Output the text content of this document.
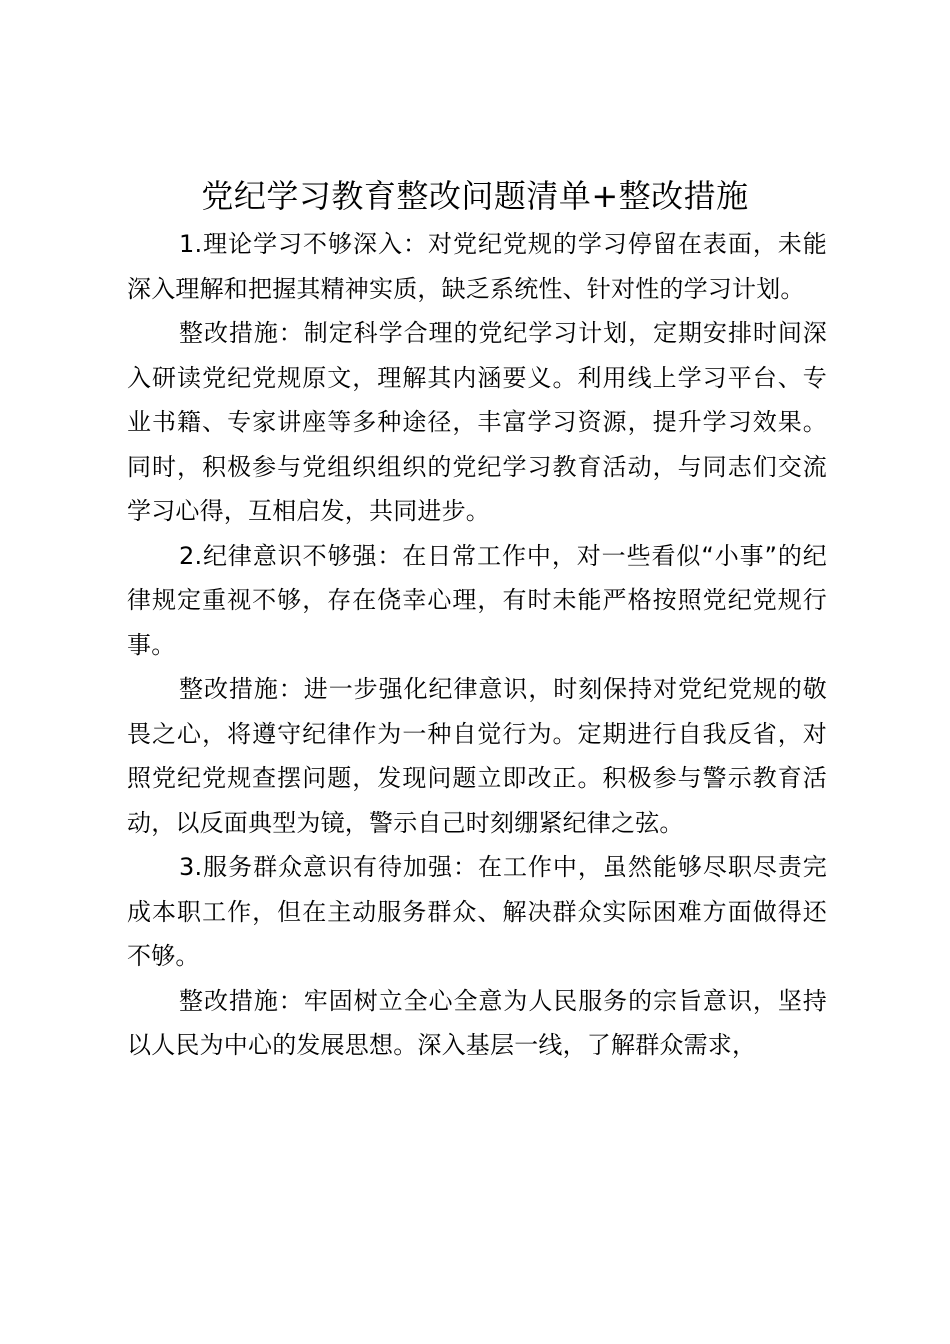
党纪学习教育整改问题清单+整改措施

1.理论学习不够深入：对党纪党规的学习停留在表面，未能深入理解和把握其精神实质，缺乏系统性、针对性的学习计划。

整改措施：制定科学合理的党纪学习计划，定期安排时间深入研读党纪党规原文，理解其内涵要义。利用线上学习平台、专业书籍、专家讲座等多种途径，丰富学习资源，提升学习效果。同时，积极参与党组织组织的党纪学习教育活动，与同志们交流学习心得，互相启发，共同进步。

2.纪律意识不够强：在日常工作中，对一些看似“小事”的纪律规定重视不够，存在侥幸心理，有时未能严格按照党纪党规行事。

整改措施：进一步强化纪律意识，时刻保持对党纪党规的敬畏之心，将遵守纪律作为一种自觉行为。定期进行自我反省，对照党纪党规查摆问题，发现问题立即改正。积极参与警示教育活动，以反面典型为镜，警示自己时刻绷紧纪律之弦。

3.服务群众意识有待加强：在工作中，虽然能够尽职尽责完成本职工作，但在主动服务群众、解决群众实际困难方面做得还不够。

整改措施：牢固树立全心全意为人民服务的宗旨意识，坚持以人民为中心的发展思想。深入基层一线，了解群众需求，
